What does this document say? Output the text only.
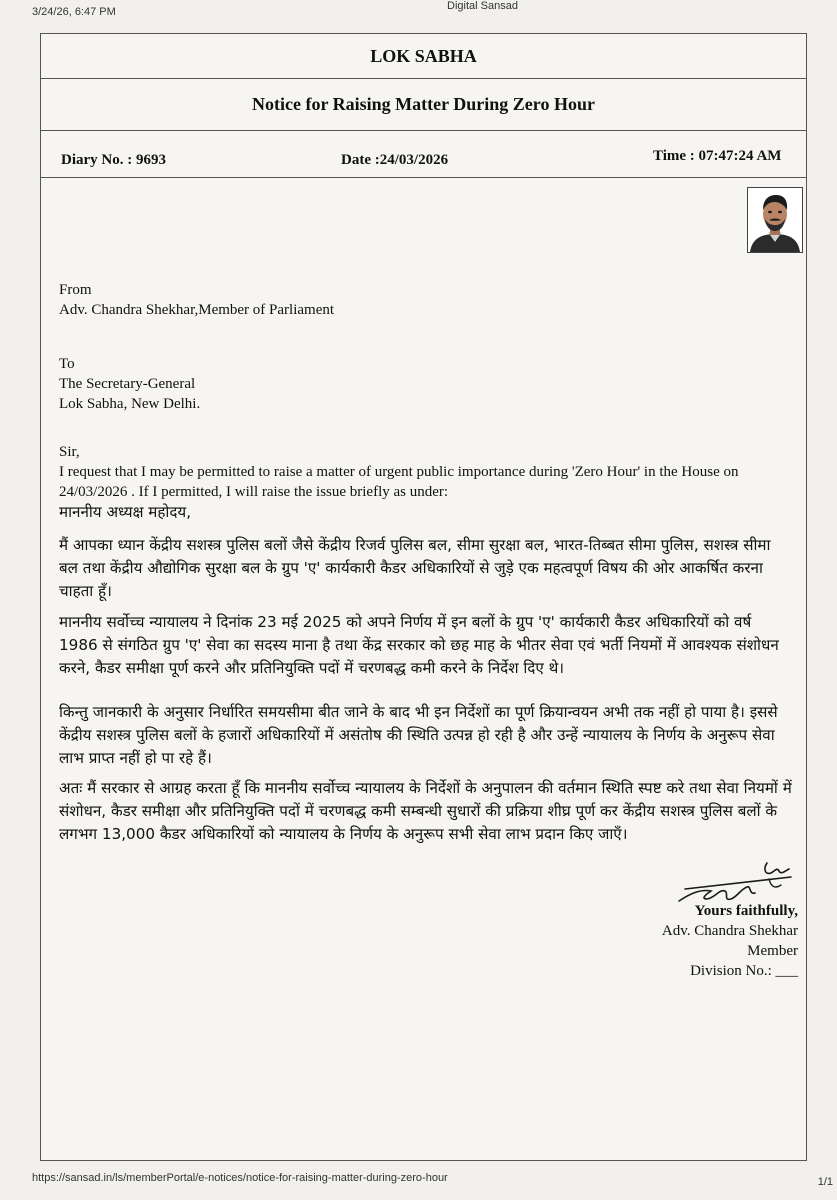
3/24/26, 6:47 PM	Digital Sansad
LOK SABHA
Notice for Raising Matter During Zero Hour
Diary No. : 9693	Date :24/03/2026	Time : 07:47:24 AM
From
Adv. Chandra Shekhar,Member of Parliament
To
The Secretary-General
Lok Sabha, New Delhi.
Sir,
I request that I may be permitted to raise a matter of urgent public importance during 'Zero Hour' in the House on
24/03/2026 . If I permitted, I will raise the issue briefly as under:
माननीय अध्यक्ष महोदय,
मैं आपका ध्यान केंद्रीय सशस्त्र पुलिस बलों जैसे केंद्रीय रिजर्व पुलिस बल, सीमा सुरक्षा बल, भारत-तिब्बत सीमा पुलिस, सशस्त्र सीमा बल तथा केंद्रीय औद्योगिक सुरक्षा बल के ग्रुप 'ए' कार्यकारी कैडर अधिकारियों से जुड़े एक महत्वपूर्ण विषय की ओर आकर्षित करना चाहता हूँ।
माननीय सर्वोच्च न्यायालय ने दिनांक 23 मई 2025 को अपने निर्णय में इन बलों के ग्रुप 'ए' कार्यकारी कैडर अधिकारियों को वर्ष 1986 से संगठित ग्रुप 'ए' सेवा का सदस्य माना है तथा केंद्र सरकार को छह माह के भीतर सेवा एवं भर्ती नियमों में आवश्यक संशोधन करने, कैडर समीक्षा पूर्ण करने और प्रतिनियुक्ति पदों में चरणबद्ध कमी करने के निर्देश दिए थे।
किन्तु जानकारी के अनुसार निर्धारित समयसीमा बीत जाने के बाद भी इन निर्देशों का पूर्ण क्रियान्वयन अभी तक नहीं हो पाया है। इससे केंद्रीय सशस्त्र पुलिस बलों के हजारों अधिकारियों में असंतोष की स्थिति उत्पन्न हो रही है और उन्हें न्यायालय के निर्णय के अनुरूप सेवा लाभ प्राप्त नहीं हो पा रहे हैं।
अतः मैं सरकार से आग्रह करता हूँ कि माननीय सर्वोच्च न्यायालय के निर्देशों के अनुपालन की वर्तमान स्थिति स्पष्ट करे तथा सेवा नियमों में संशोधन, कैडर समीक्षा और प्रतिनियुक्ति पदों में चरणबद्ध कमी सम्बन्धी सुधारों की प्रक्रिया शीघ्र पूर्ण कर केंद्रीय सशस्त्र पुलिस बलों के लगभग 13,000 कैडर अधिकारियों को न्यायालय के निर्णय के अनुरूप सभी सेवा लाभ प्रदान किए जाएँ।
Yours faithfully,
Adv. Chandra Shekhar
Member
Division No.: ___
https://sansad.in/ls/memberPortal/e-notices/notice-for-raising-matter-during-zero-hour	1/1
